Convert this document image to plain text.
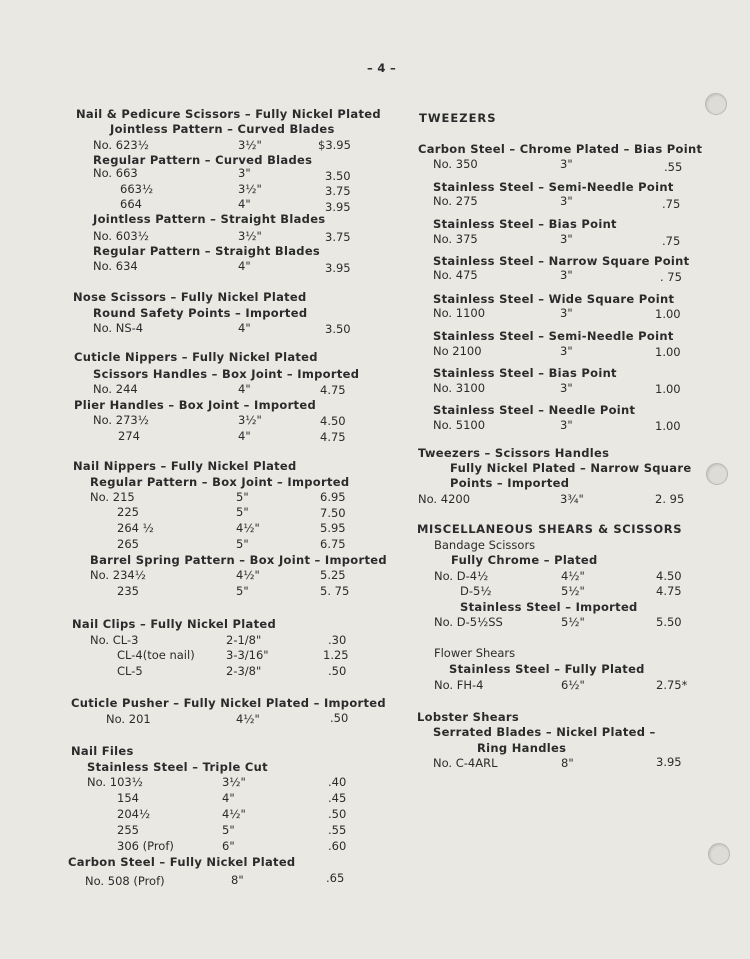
– 4 –
Nail & Pedicure Scissors – Fully Nickel Plated
Jointless Pattern – Curved Blades
No. 623½	3½"	$3.95
Regular Pattern – Curved Blades
No. 663	3"	3.50
663½	3½"	3.75
664	4"	3.95
Jointless Pattern – Straight Blades
No. 603½	3½"	3.75
Regular Pattern – Straight Blades
No. 634	4"	3.95
Nose Scissors – Fully Nickel Plated
Round Safety Points – Imported
No. NS-4	4"	3.50
Cuticle Nippers – Fully Nickel Plated
Scissors Handles – Box Joint – Imported
No. 244	4"	4.75
Plier Handles – Box Joint – Imported
No. 273½	3½"	4.50
274	4"	4.75
Nail Nippers – Fully Nickel Plated
Regular Pattern – Box Joint – Imported
No. 215	5"	6.95
225	5"	7.50
264 ½	4½"	5.95
265	5"	6.75
Barrel Spring Pattern – Box Joint – Imported
No. 234½	4½"	5.25
235	5"	5. 75
Nail Clips – Fully Nickel Plated
No. CL-3	2-1/8"	.30
CL-4(toe nail)	3-3/16"	1.25
CL-5	2-3/8"	.50
Cuticle Pusher – Fully Nickel Plated – Imported
No. 201	4½"	.50
Nail Files
Stainless Steel – Triple Cut
No. 103½	3½"	.40
154	4"	.45
204½	4½"	.50
255	5"	.55
306 (Prof)	6"	.60
Carbon Steel – Fully Nickel Plated
No. 508 (Prof)	8"	.65
TWEEZERS
Carbon Steel – Chrome Plated – Bias Point
No. 350	3"	.55
Stainless Steel – Semi-Needle Point
No. 275	3"	.75
Stainless Steel – Bias Point
No. 375	3"	.75
Stainless Steel – Narrow Square Point
No. 475	3"	. 75
Stainless Steel – Wide Square Point
No. 1100	3"	1.00
Stainless Steel – Semi-Needle Point
No 2100	3"	1.00
Stainless Steel – Bias Point
No. 3100	3"	1.00
Stainless Steel – Needle Point
No. 5100	3"	1.00
Tweezers – Scissors Handles
Fully Nickel Plated – Narrow Square
Points – Imported
No. 4200	3¾"	2. 95
MISCELLANEOUS SHEARS & SCISSORS
Bandage Scissors
Fully Chrome – Plated
No. D-4½	4½"	4.50
D-5½	5½"	4.75
Stainless Steel – Imported
No. D-5½SS	5½"	5.50
Flower Shears
Stainless Steel – Fully Plated
No. FH-4	6½"	2.75*
Lobster Shears
Serrated Blades – Nickel Plated –
Ring Handles
No. C-4ARL	8"	3.95
